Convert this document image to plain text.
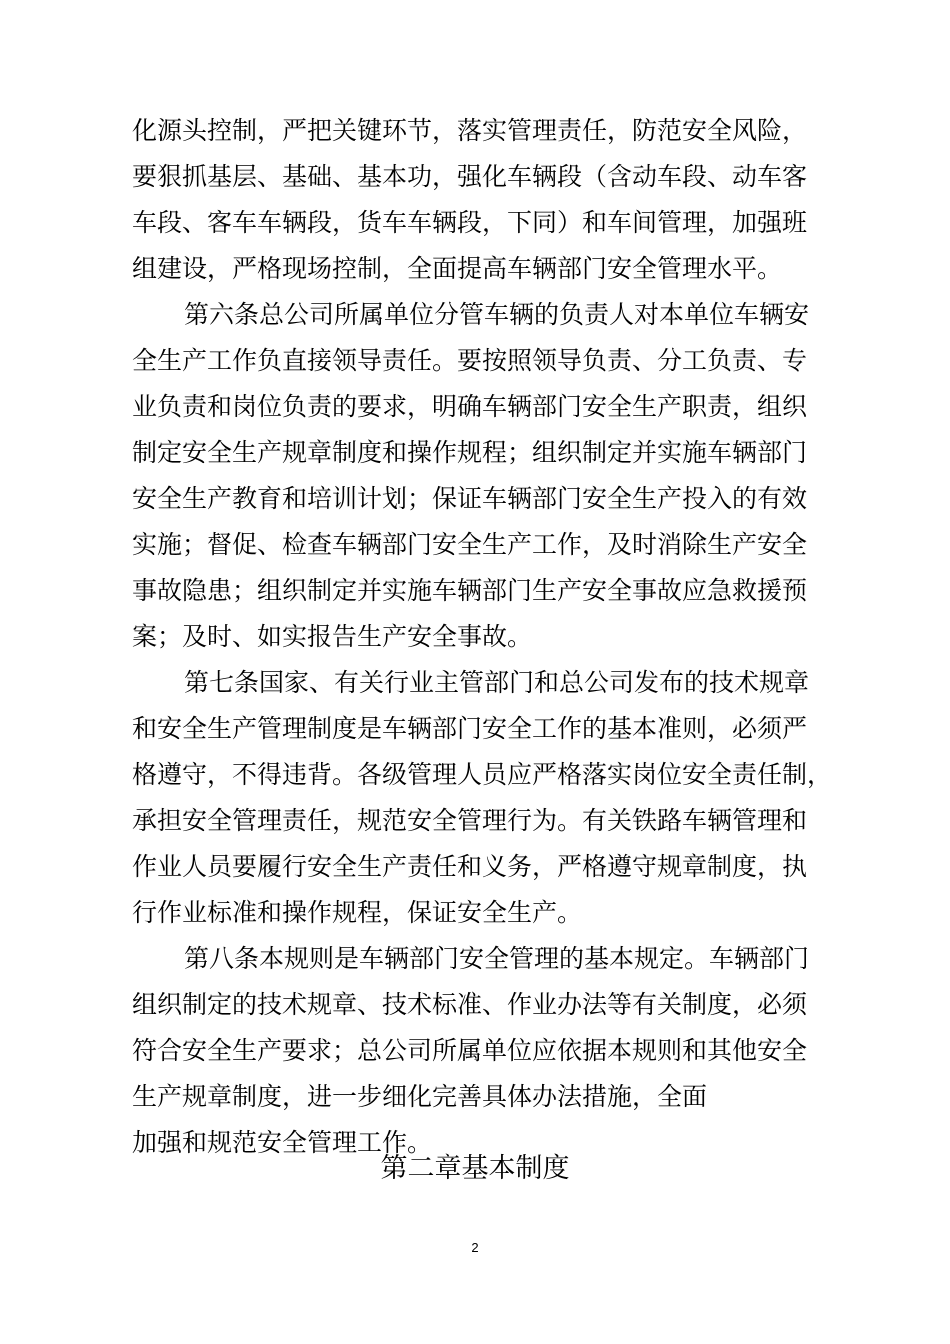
化源头控制，严把关键环节，落实管理责任，防范安全风险，
要狠抓基层、基础、基本功，强化车辆段（含动车段、动车客
车段、客车车辆段，货车车辆段，下同）和车间管理，加强班
组建设，严格现场控制，全面提高车辆部门安全管理水平。
第六条总公司所属单位分管车辆的负责人对本单位车辆安
全生产工作负直接领导责任。要按照领导负责、分工负责、专
业负责和岗位负责的要求，明确车辆部门安全生产职责，组织
制定安全生产规章制度和操作规程；组织制定并实施车辆部门
安全生产教育和培训计划；保证车辆部门安全生产投入的有效
实施；督促、检查车辆部门安全生产工作，及时消除生产安全
事故隐患；组织制定并实施车辆部门生产安全事故应急救援预
案；及时、如实报告生产安全事故。
第七条国家、有关行业主管部门和总公司发布的技术规章
和安全生产管理制度是车辆部门安全工作的基本准则，必须严
格遵守，不得违背。各级管理人员应严格落实岗位安全责任制，
承担安全管理责任，规范安全管理行为。有关铁路车辆管理和
作业人员要履行安全生产责任和义务，严格遵守规章制度，执
行作业标准和操作规程，保证安全生产。
第八条本规则是车辆部门安全管理的基本规定。车辆部门
组织制定的技术规章、技术标准、作业办法等有关制度，必须
符合安全生产要求；总公司所属单位应依据本规则和其他安全
生产规章制度，进一步细化完善具体办法措施，全面
加强和规范安全管理工作。
第二章基本制度
2
